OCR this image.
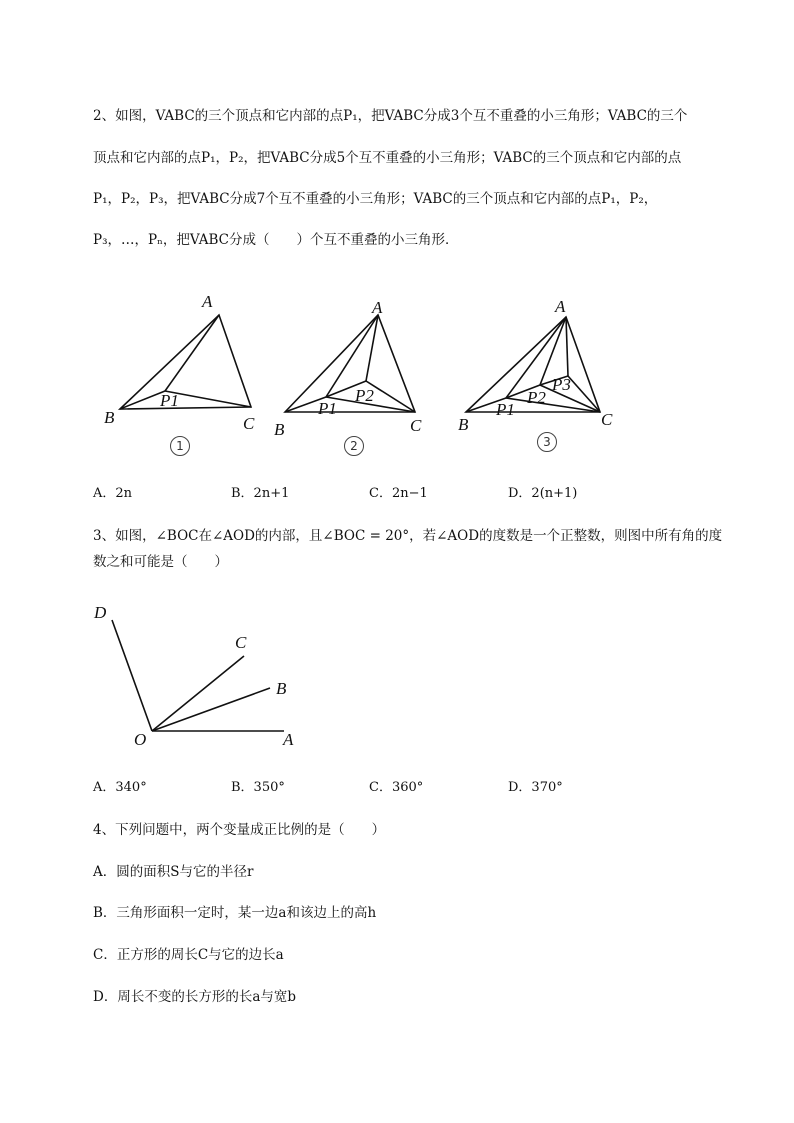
2、如图，VABC的三个顶点和它内部的点P₁，把VABC分成3个互不重叠的小三角形；VABC的三个
顶点和它内部的点P₁，P₂，把VABC分成5个互不重叠的小三角形；VABC的三个顶点和它内部的点
P₁，P₂，P₃，把VABC分成7个互不重叠的小三角形；VABC的三个顶点和它内部的点P₁，P₂，
P₃，…，Pₙ，把VABC分成（　　）个互不重叠的小三角形．
A
B	C
P1
A
B	C
P1
P2
A
B	C
P1
P2
P3
1	2	3
A．2n	B．2n+1	C．2n−1	D．2(n+1)
3、如图，∠BOC在∠AOD的内部，且∠BOC = 20°，若∠AOD的度数是一个正整数，则图中所有角的度
数之和可能是（　　）
D
C
B
O	A
A．340°	B．350°	C．360°	D．370°
4、下列问题中，两个变量成正比例的是（　　）
A．圆的面积S与它的半径r
B．三角形面积一定时，某一边a和该边上的高h
C．正方形的周长C与它的边长a
D．周长不变的长方形的长a与宽b
